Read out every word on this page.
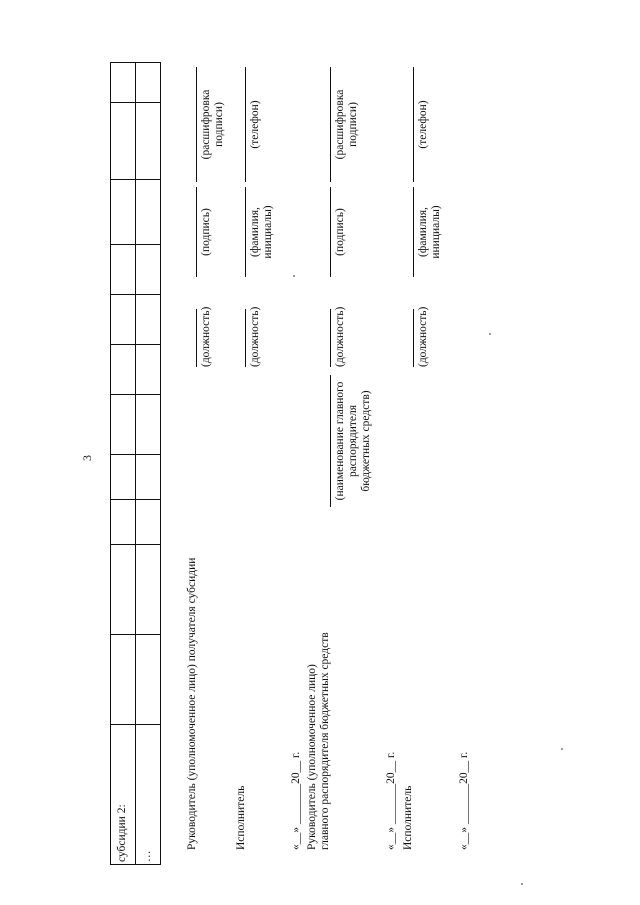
3
субсидии 2: …
Руководитель (уполномоченное лицо) получателя субсидии
(должность)
(подпись)
(расшифровка подписи)
Исполнитель
(должность)
(фамилия, инициалы)
(телефон)
«__» _______20__ г. Руководитель (уполномоченное лицо) главного распорядителя бюджетных средств
(наименование главного распорядителя бюджетных средств)
(должность)
(подпись)
(расшифровка подписи)
«__» _______20__ г. Исполнитель
(должность)
(фамилия, инициалы)
(телефон)
«__» _______20__ г.
